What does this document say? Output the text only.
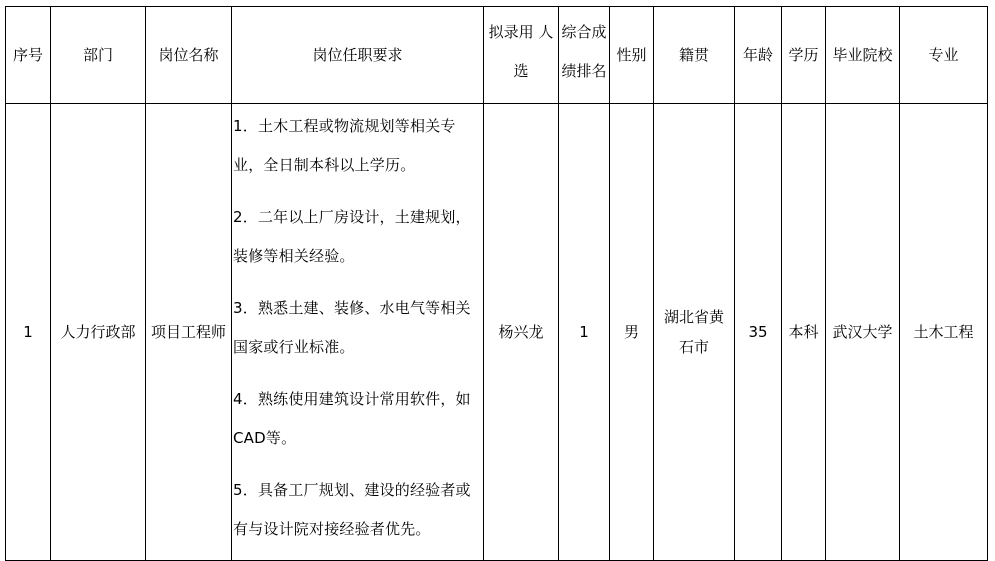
序号	部门	岗位名称	岗位任职要求	拟录用 人选	综合成绩排名	性别	籍贯	年龄	学历	毕业院校	专业
1	人力行政部	项目工程师	1．土木工程或物流规划等相关专业，全日制本科以上学历。

2．二年以上厂房设计，土建规划，装修等相关经验。

3．熟悉土建、装修、水电气等相关国家或行业标准。

4．熟练使用建筑设计常用软件，如CAD等。

5．具备工厂规划、建设的经验者或有与设计院对接经验者优先。	杨兴龙	1	男	湖北省黄石市	35	本科	武汉大学	土木工程
